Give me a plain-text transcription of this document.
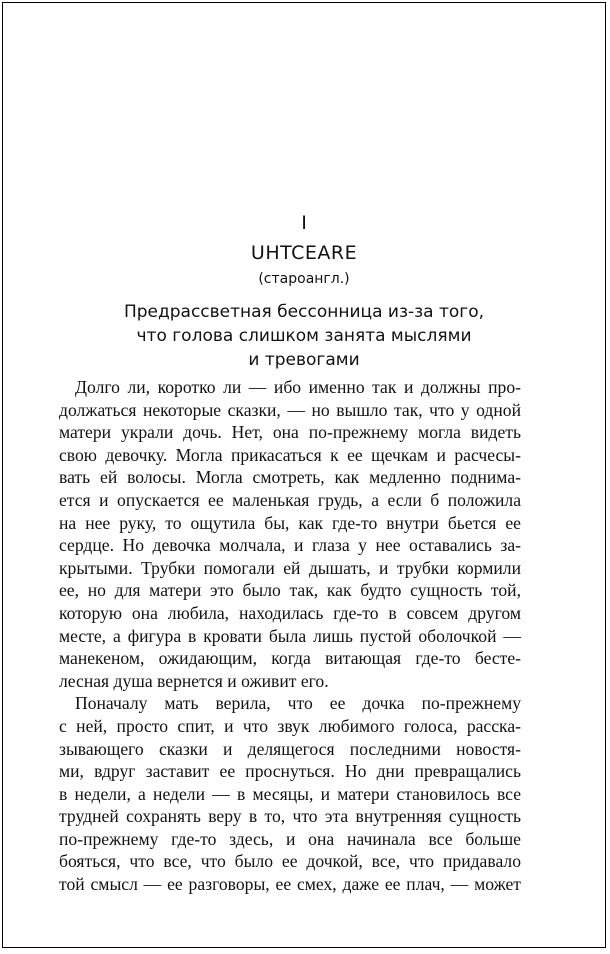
I
UHTCEARE
(староангл.)
Предрассветная бессонница из-за того,
что голова слишком занята мыслями
и тревогами
Долго ли, коротко ли — ибо именно так и должны про-
должаться некоторые сказки, — но вышло так, что у одной
матери украли дочь. Нет, она по-прежнему могла видеть
свою девочку. Могла прикасаться к ее щечкам и расчесы-
вать ей волосы. Могла смотреть, как медленно поднима-
ется и опускается ее маленькая грудь, а если б положила
на нее руку, то ощутила бы, как где-то внутри бьется ее
сердце. Но девочка молчала, и глаза у нее оставались за-
крытыми. Трубки помогали ей дышать, и трубки кормили
ее, но для матери это было так, как будто сущность той,
которую она любила, находилась где-то в совсем другом
месте, а фигура в кровати была лишь пустой оболочкой —
манекеном, ожидающим, когда витающая где-то бесте-
лесная душа вернется и оживит его.
Поначалу мать верила, что ее дочка по-прежнему
с ней, просто спит, и что звук любимого голоса, расска-
зывающего сказки и делящегося последними новостя-
ми, вдруг заставит ее проснуться. Но дни превращались
в недели, а недели — в месяцы, и матери становилось все
трудней сохранять веру в то, что эта внутренняя сущность
по-прежнему где-то здесь, и она начинала все больше
бояться, что все, что было ее дочкой, все, что придавало
той смысл — ее разговоры, ее смех, даже ее плач, — может
